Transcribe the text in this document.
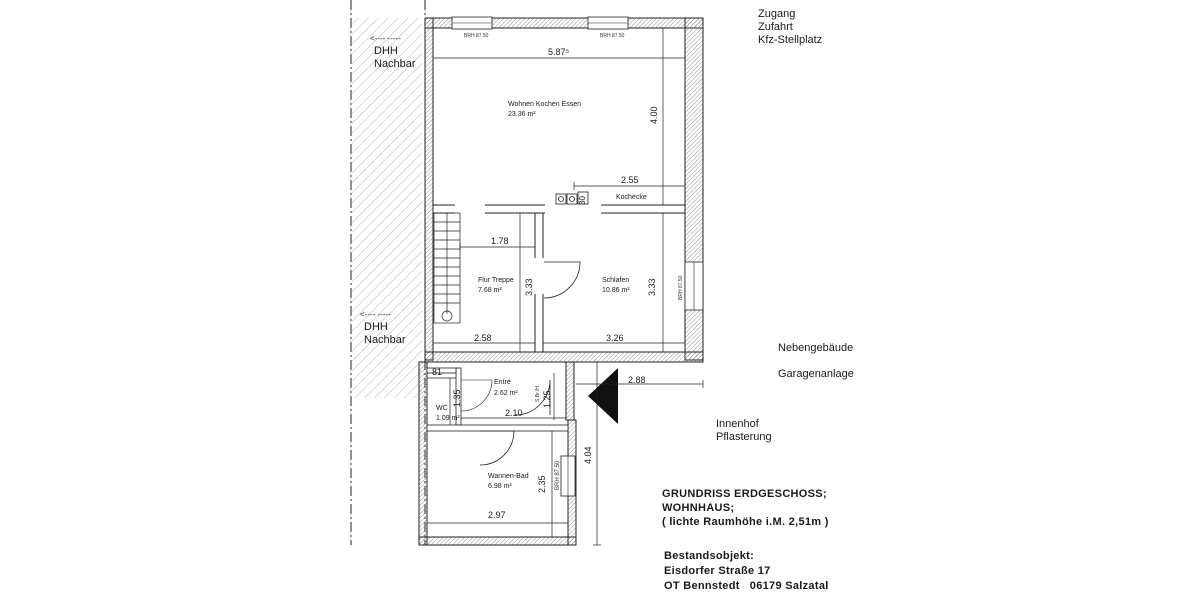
Zugang
Zufahrt
Kfz-Stellplatz
<---- -----
DHH
Nachbar
<---- -----
DHH
Nachbar
Nebengebäude
Garagenanlage
Innenhof
Pflasterung
Wohnen Kochen Essen
23.36 m²
Kochecke
Flur Treppe
7.68 m²
Schlafen
10.86 m²
Entré
2.62 m²
WC
1.09 m²
Wannen-Bad
6.98 m²
5.87⁵
4.00
2.55
30
1.78
3.33
2.58
3.33
3.26
81
1.35	1.25
2.10
2.35
2.97
4.04
2.88
BRH 87.50	BRH 87.50
BRH 87.50
BRH 87.50
S.Br./H
GRUNDRISS ERDGESCHOSS;
WOHNHAUS;
( lichte Raumhöhe i.M. 2,51m )
Bestandsobjekt:
Eisdorfer Straße 17
OT Bennstedt   06179 Salzatal
